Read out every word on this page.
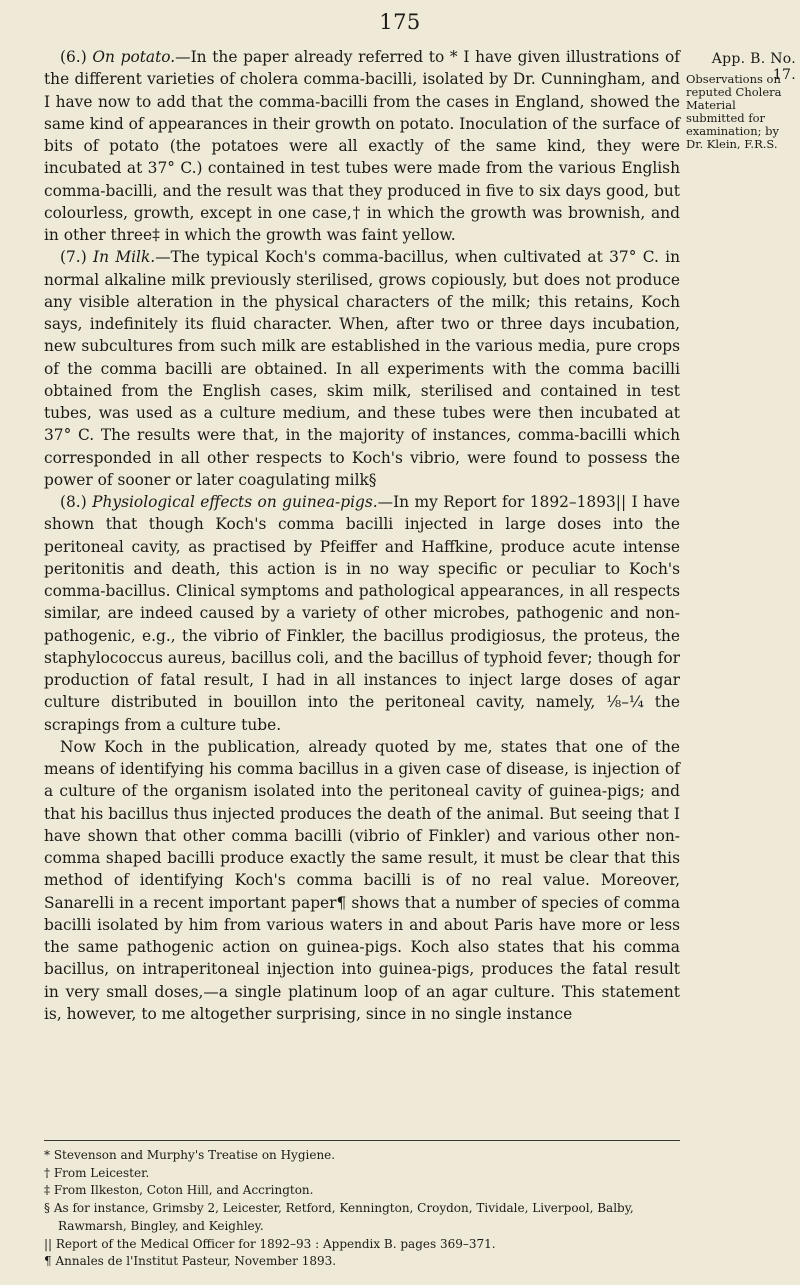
175
App. B. No. 17.
Observations on reputed Cholera Material submitted for examination; by Dr. Klein, F.R.S.

(6.) On potato.—In the paper already referred to * I have given illustrations of the different varieties of cholera comma-bacilli, isolated by Dr. Cunningham, and I have now to add that the comma-bacilli from the cases in England, showed the same kind of appearances in their growth on potato. Inoculation of the surface of bits of potato (the potatoes were all exactly of the same kind, they were incubated at 37° C.) contained in test tubes were made from the various English comma-bacilli, and the result was that they produced in five to six days good, but colourless, growth, except in one case,† in which the growth was brownish, and in other three‡ in which the growth was faint yellow.

(7.) In Milk.—The typical Koch's comma-bacillus, when cultivated at 37° C. in normal alkaline milk previously sterilised, grows copiously, but does not produce any visible alteration in the physical characters of the milk; this retains, Koch says, indefinitely its fluid character. When, after two or three days incubation, new subcultures from such milk are established in the various media, pure crops of the comma bacilli are obtained. In all experiments with the comma bacilli obtained from the English cases, skim milk, sterilised and contained in test tubes, was used as a culture medium, and these tubes were then incubated at 37° C. The results were that, in the majority of instances, comma-bacilli which corresponded in all other respects to Koch's vibrio, were found to possess the power of sooner or later coagulating milk§

(8.) Physiological effects on guinea-pigs.—In my Report for 1892–1893|| I have shown that though Koch's comma bacilli injected in large doses into the peritoneal cavity, as practised by Pfeiffer and Haffkine, produce acute intense peritonitis and death, this action is in no way specific or peculiar to Koch's comma-bacillus. Clinical symptoms and pathological appearances, in all respects similar, are indeed caused by a variety of other microbes, pathogenic and non-pathogenic, e.g., the vibrio of Finkler, the bacillus prodigiosus, the proteus, the staphylococcus aureus, bacillus coli, and the bacillus of typhoid fever; though for production of fatal result, I had in all instances to inject large doses of agar culture distributed in bouillon into the peritoneal cavity, namely, ⅛–¼ the scrapings from a culture tube.

Now Koch in the publication, already quoted by me, states that one of the means of identifying his comma bacillus in a given case of disease, is injection of a culture of the organism isolated into the peritoneal cavity of guinea-pigs; and that his bacillus thus injected produces the death of the animal. But seeing that I have shown that other comma bacilli (vibrio of Finkler) and various other non-comma shaped bacilli produce exactly the same result, it must be clear that this method of identifying Koch's comma bacilli is of no real value. Moreover, Sanarelli in a recent important paper¶ shows that a number of species of comma bacilli isolated by him from various waters in and about Paris have more or less the same pathogenic action on guinea-pigs. Koch also states that his comma bacillus, on intraperitoneal injection into guinea-pigs, produces the fatal result in very small doses,—a single platinum loop of an agar culture. This statement is, however, to me altogether surprising, since in no single instance

* Stevenson and Murphy's Treatise on Hygiene.
† From Leicester.
‡ From Ilkeston, Coton Hill, and Accrington.
§ As for instance, Grimsby 2, Leicester, Retford, Kennington, Croydon, Tividale, Liverpool, Balby, Rawmarsh, Bingley, and Keighley.
|| Report of the Medical Officer for 1892–93 : Appendix B. pages 369–371.
¶ Annales de l'Institut Pasteur, November 1893.
